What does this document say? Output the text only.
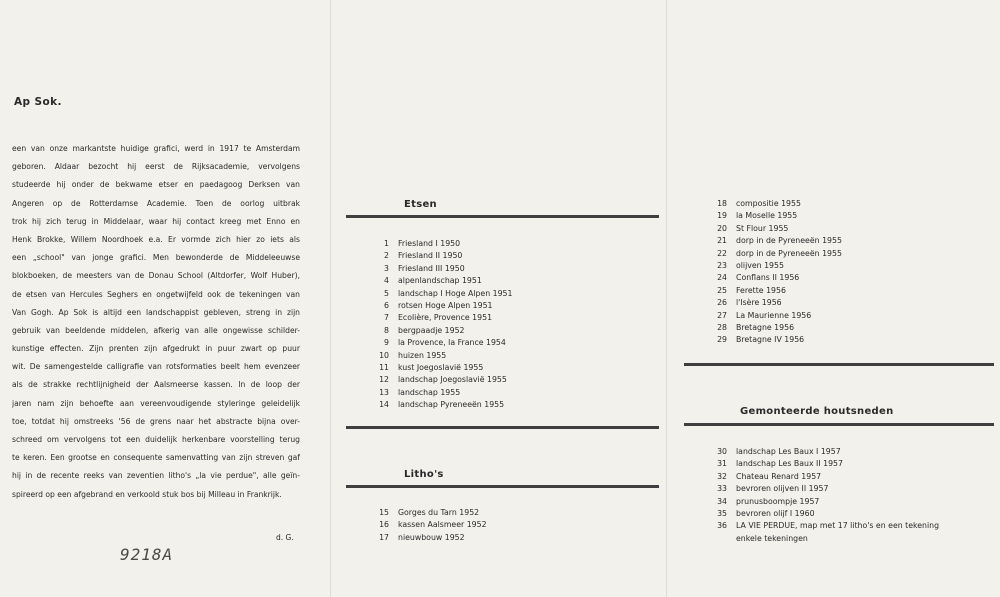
Ap Sok.
een van onze markantste huidige grafici, werd in 1917 te Amsterdam
geboren. Aldaar bezocht hij eerst de Rijksacademie, vervolgens
studeerde hij onder de bekwame etser en paedagoog Derksen van
Angeren op de Rotterdamse Academie. Toen de oorlog uitbrak
trok hij zich terug in Middelaar, waar hij contact kreeg met Enno en
Henk Brokke, Willem Noordhoek e.a. Er vormde zich hier zo iets als
een „school" van jonge grafici. Men bewonderde de Middeleeuwse
blokboeken, de meesters van de Donau School (Altdorfer, Wolf Huber),
de etsen van Hercules Seghers en ongetwijfeld ook de tekeningen van
Van Gogh. Ap Sok is altijd een landschappist gebleven, streng in zijn
gebruik van beeldende middelen, afkerig van alle ongewisse schilder-
kunstige effecten. Zijn prenten zijn afgedrukt in puur zwart op puur
wit. De samengestelde calligrafie van rotsformaties beelt hem evenzeer
als de strakke rechtlijnigheid der Aalsmeerse kassen. In de loop der
jaren nam zijn behoefte aan vereenvoudigende styleringe geleidelijk
toe, totdat hij omstreeks '56 de grens naar het abstracte bijna over-
schreed om vervolgens tot een duidelijk herkenbare voorstelling terug
te keren. Een grootse en consequente samenvatting van zijn streven gaf
hij in de recente reeks van zeventien litho's „la vie perdue", alle geïn-
spireerd op een afgebrand en verkoold stuk bos bij Milleau in Frankrijk.
d. G.
9218A
Etsen
1 Friesland I 1950
2 Friesland II 1950
3 Friesland III 1950
4 alpenlandschap 1951
5 landschap I Hoge Alpen 1951
6 rotsen Hoge Alpen 1951
7 Ecolière, Provence 1951
8 bergpaadje 1952
9 la Provence, la France 1954
10 huizen 1955
11 kust Joegoslavië 1955
12 landschap Joegoslavië 1955
13 landschap 1955
14 landschap Pyreneeën 1955
Litho's
15 Gorges du Tarn 1952
16 kassen Aalsmeer 1952
17 nieuwbouw 1952
18 compositie 1955
19 la Moselle 1955
20 St Flour 1955
21 dorp in de Pyreneeën 1955
22 dorp in de Pyreneeën 1955
23 olijven 1955
24 Conflans II 1956
25 Ferette 1956
26 l'Isère 1956
27 La Maurienne 1956
28 Bretagne 1956
29 Bretagne IV 1956
Gemonteerde houtsneden
30 landschap Les Baux I 1957
31 landschap Les Baux II 1957
32 Chateau Renard 1957
33 bevroren olijven II 1957
34 prunusboompje 1957
35 bevroren olijf I 1960
36 LA VIE PERDUE, map met 17 litho's en een tekening
enkele tekeningen
